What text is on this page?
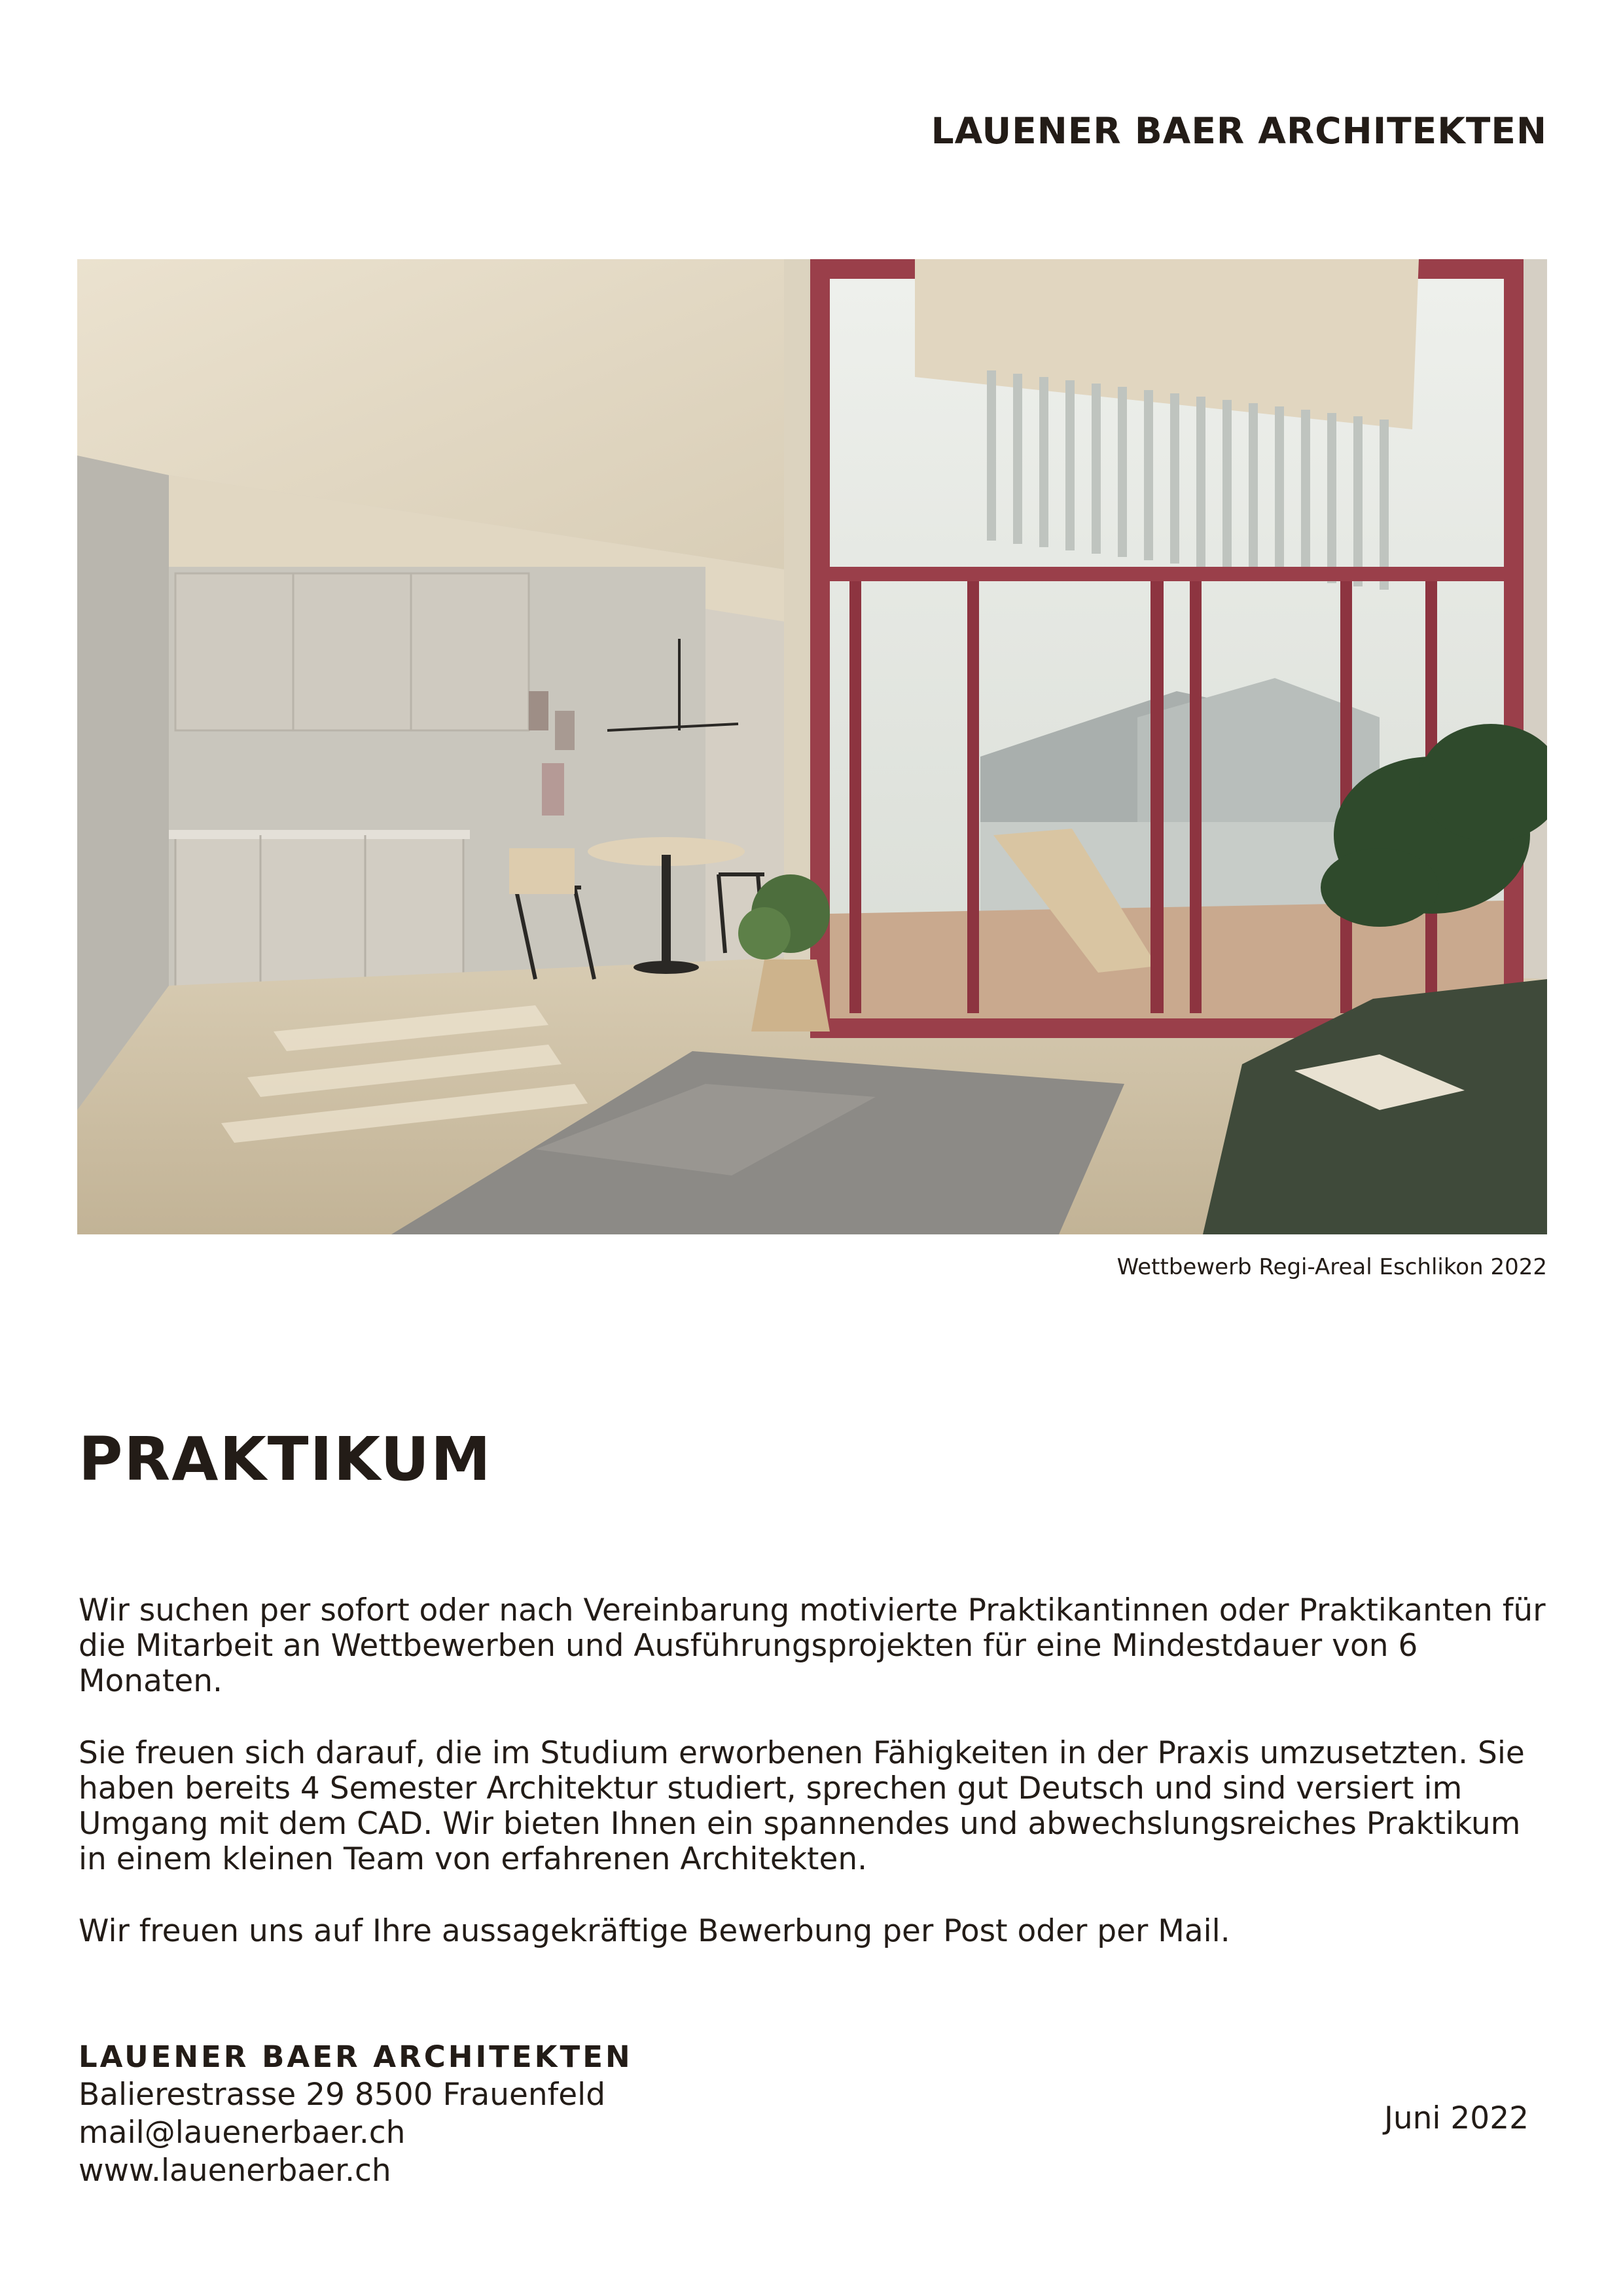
LAUENER BAER ARCHITEKTEN
Wettbewerb Regi-Areal Eschlikon 2022
PRAKTIKUM

Wir suchen per sofort oder nach Vereinbarung motivierte Praktikantinnen oder Praktikanten für die Mitarbeit an Wettbewerben und Ausführungsprojekten für eine Mindestdauer von 6 Monaten.

Sie freuen sich darauf, die im Studium erworbenen Fähigkeiten in der Praxis umzusetzten. Sie haben bereits 4 Semester Architektur studiert, sprechen gut Deutsch und sind versiert im Umgang mit dem CAD. Wir bieten Ihnen ein spannendes und abwechslungsreiches Praktikum in einem kleinen Team von erfahrenen Architekten.

Wir freuen uns auf Ihre aussagekräftige Bewerbung per Post oder per Mail.

LAUENER BAER ARCHITEKTEN
Balierestrasse 29 8500 Frauenfeld
mail@lauenerbaer.ch
www.lauenerbaer.ch
Juni 2022
